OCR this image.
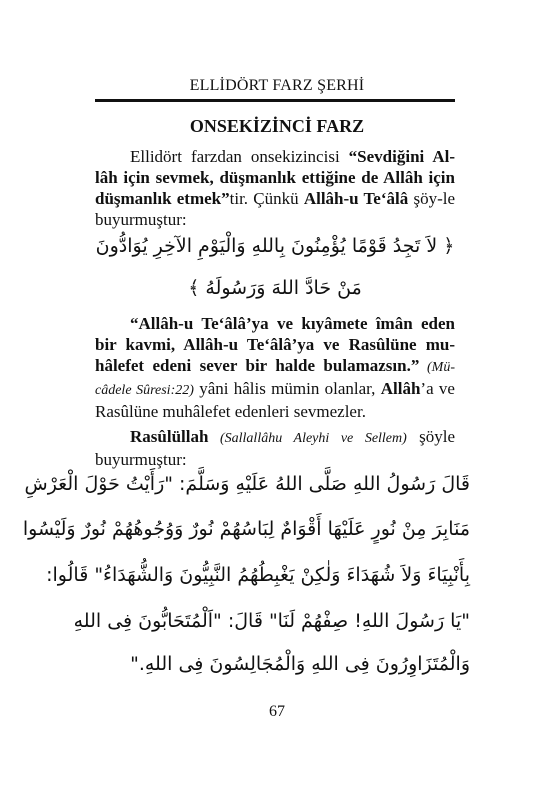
ELLİDÖRT FARZ ŞERHİ
ONSEKİZİNCİ FARZ

Ellidört farzdan onsekizincisi “Sevdiğini Al-lâh için sevmek, düşmanlık ettiğine de Allâh için düşmanlık etmek”tir. Çünkü Allâh-u Te‘âlâ şöy-le buyurmuştur:

﴿ لاَ تَجِدُ قَوْمًا يُؤْمِنُونَ بِاللهِ وَالْيَوْمِ الآخِرِ يُوَادُّونَ

مَنْ حَادَّ اللهَ وَرَسُولَهُ ﴾

“Allâh-u Te‘âlâ’ya ve kıyâmete îmân eden bir kavmi, Allâh-u Te‘âlâ’ya ve Rasûlüne mu-hâlefet edeni sever bir halde bulamazsın.” (Mü-câdele Sûresi:22) yâni hâlis mümin olanlar, Allâh’a ve Rasûlüne muhâlefet edenleri sevmezler.

Rasûlüllah (Sallallâhu Aleyhi ve Sellem) şöyle buyurmuştur:

قَالَ رَسُولُ اللهِ صَلَّى اللهُ عَلَيْهِ وَسَلَّمَ: "رَأَيْتُ حَوْلَ الْعَرْشِ

مَنَابِرَ مِنْ نُورٍ عَلَيْهَا أَقْوَامٌ لِبَاسُهُمْ نُورٌ وَوُجُوهُهُمْ نُورٌ وَلَيْسُوا

بِأَنْبِيَاءَ وَلاَ شُهَدَاءَ وَلٰكِنْ يَغْبِطُهُمُ النَّبِيُّونَ وَالشُّهَدَاءُ" قَالُوا:

"يَا رَسُولَ اللهِ! صِفْهُمْ لَنَا" قَالَ: "اَلْمُتَحَابُّونَ فِى اللهِ

وَالْمُتَزَاوِرُونَ فِى اللهِ وَالْمُجَالِسُونَ فِى اللهِ."

67
